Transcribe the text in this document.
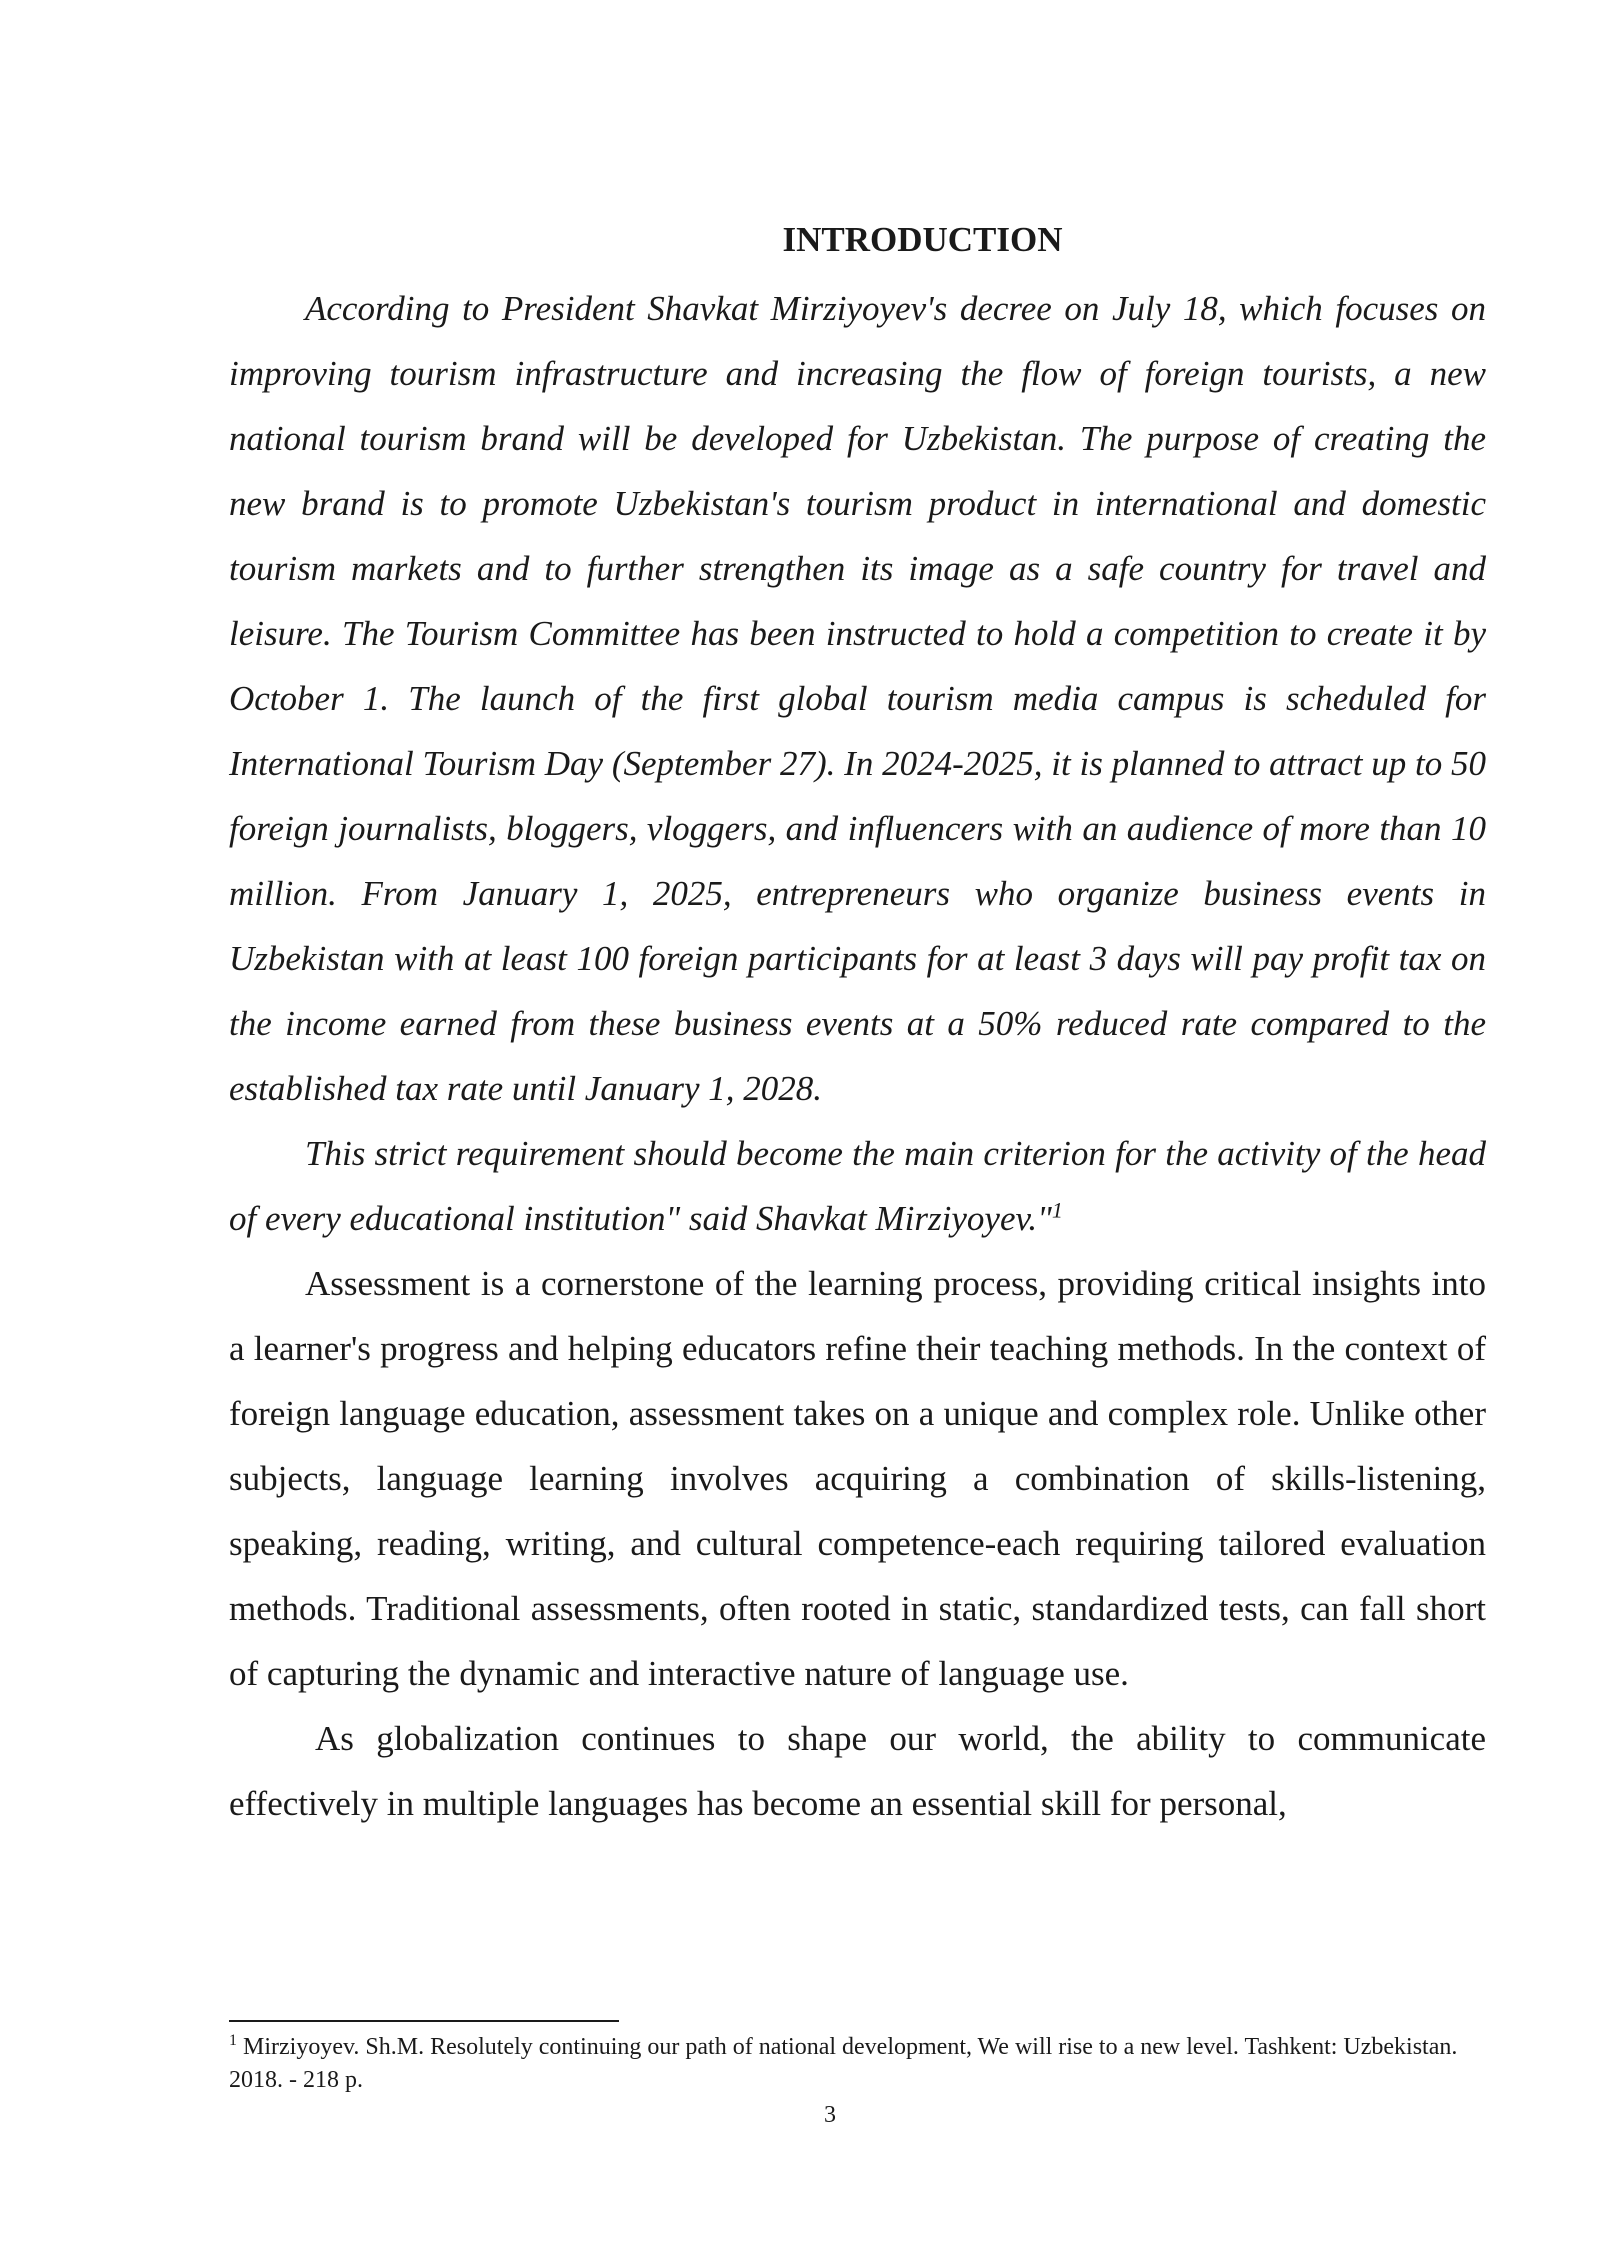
INTRODUCTION

According to President Shavkat Mirziyoyev's decree on July 18, which focuses on improving tourism infrastructure and increasing the flow of foreign tourists, a new national tourism brand will be developed for Uzbekistan. The purpose of creating the new brand is to promote Uzbekistan's tourism product in international and domestic tourism markets and to further strengthen its image as a safe country for travel and leisure. The Tourism Committee has been instructed to hold a competition to create it by October 1. The launch of the first global tourism media campus is scheduled for International Tourism Day (September 27). In 2024-2025, it is planned to attract up to 50 foreign journalists, bloggers, vloggers, and influencers with an audience of more than 10 million. From January 1, 2025, entrepreneurs who organize business events in Uzbekistan with at least 100 foreign participants for at least 3 days will pay profit tax on the income earned from these business events at a 50% reduced rate compared to the established tax rate until January 1, 2028.

This strict requirement should become the main criterion for the activity of the head of every educational institution" said Shavkat Mirziyoyev."$^1$

Assessment is a cornerstone of the learning process, providing critical insights into a learner's progress and helping educators refine their teaching methods. In the context of foreign language education, assessment takes on a unique and complex role. Unlike other subjects, language learning involves acquiring a combination of skills-listening, speaking, reading, writing, and cultural competence-each requiring tailored evaluation methods. Traditional assessments, often rooted in static, standardized tests, can fall short of capturing the dynamic and interactive nature of language use.

As globalization continues to shape our world, the ability to communicate effectively in multiple languages has become an essential skill for personal,

$^1$ Mirziyoyev. Sh.M. Resolutely continuing our path of national development, We will rise to a new level. Tashkent: Uzbekistan. 2018. - 218 p.
3
